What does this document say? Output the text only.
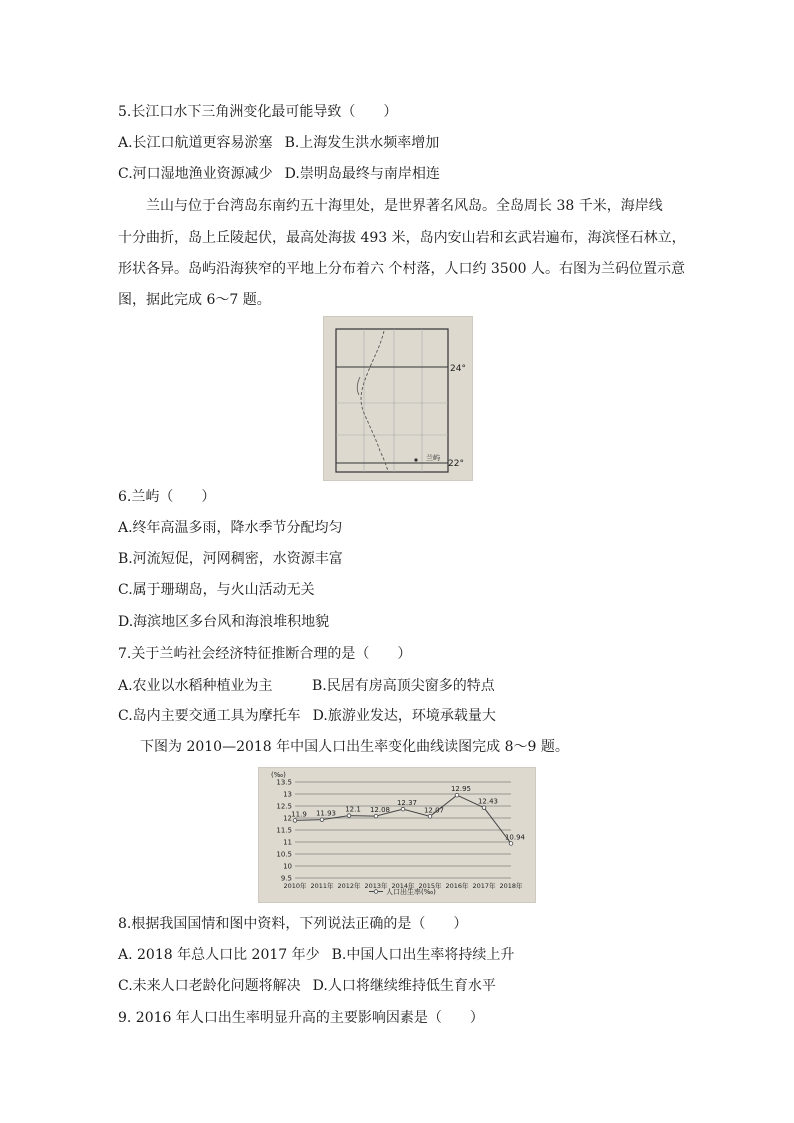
5.长江口水下三角洲变化最可能导致（　　）
A.长江口航道更容易淤塞 B.上海发生洪水频率增加
C.河口湿地渔业资源减少 D.崇明岛最终与南岸相连
兰山与位于台湾岛东南约五十海里处，是世界著名风岛。全岛周长 38 千米，海岸线
十分曲折，岛上丘陵起伏，最高处海拔 493 米，岛内安山岩和玄武岩遍布，海滨怪石林立，
形状各异。岛屿沿海狭窄的平地上分布着六 个村落，人口约 3500 人。右图为兰码位置示意
图，据此完成 6～7 题。
24°
22°
兰屿
6.兰屿（　　）
A.终年高温多雨，降水季节分配均匀
B.河流短促，河网稠密，水资源丰富
C.属于珊瑚岛，与火山活动无关
D.海滨地区多台风和海浪堆积地貌
7.关于兰屿社会经济特征推断合理的是（　　）
A.农业以水稻种植业为主	B.民居有房高顶尖窗多的特点
C.岛内主要交通工具为摩托车 D.旅游业发达，环境承载量大
下图为 2010—2018 年中国人口出生率变化曲线读图完成 8～9 题。
(‰)
13.5
13
12.5
12
11.5
11
10.5
10
9.5
2010年 2011年 2012年 2013年 2014年 2015年 2016年 2017年 2018年
11.9 11.93
12.1 12.08
12.37
12.07
12.95
12.43
10.94
人口出生率(‰)
8.根据我国国情和图中资料，下列说法正确的是（　　）
A. 2018 年总人口比 2017 年少 B.中国人口出生率将持续上升
C.未来人口老龄化问题将解决 D.人口将继续维持低生育水平
9. 2016 年人口出生率明显升高的主要影响因素是（　　）
